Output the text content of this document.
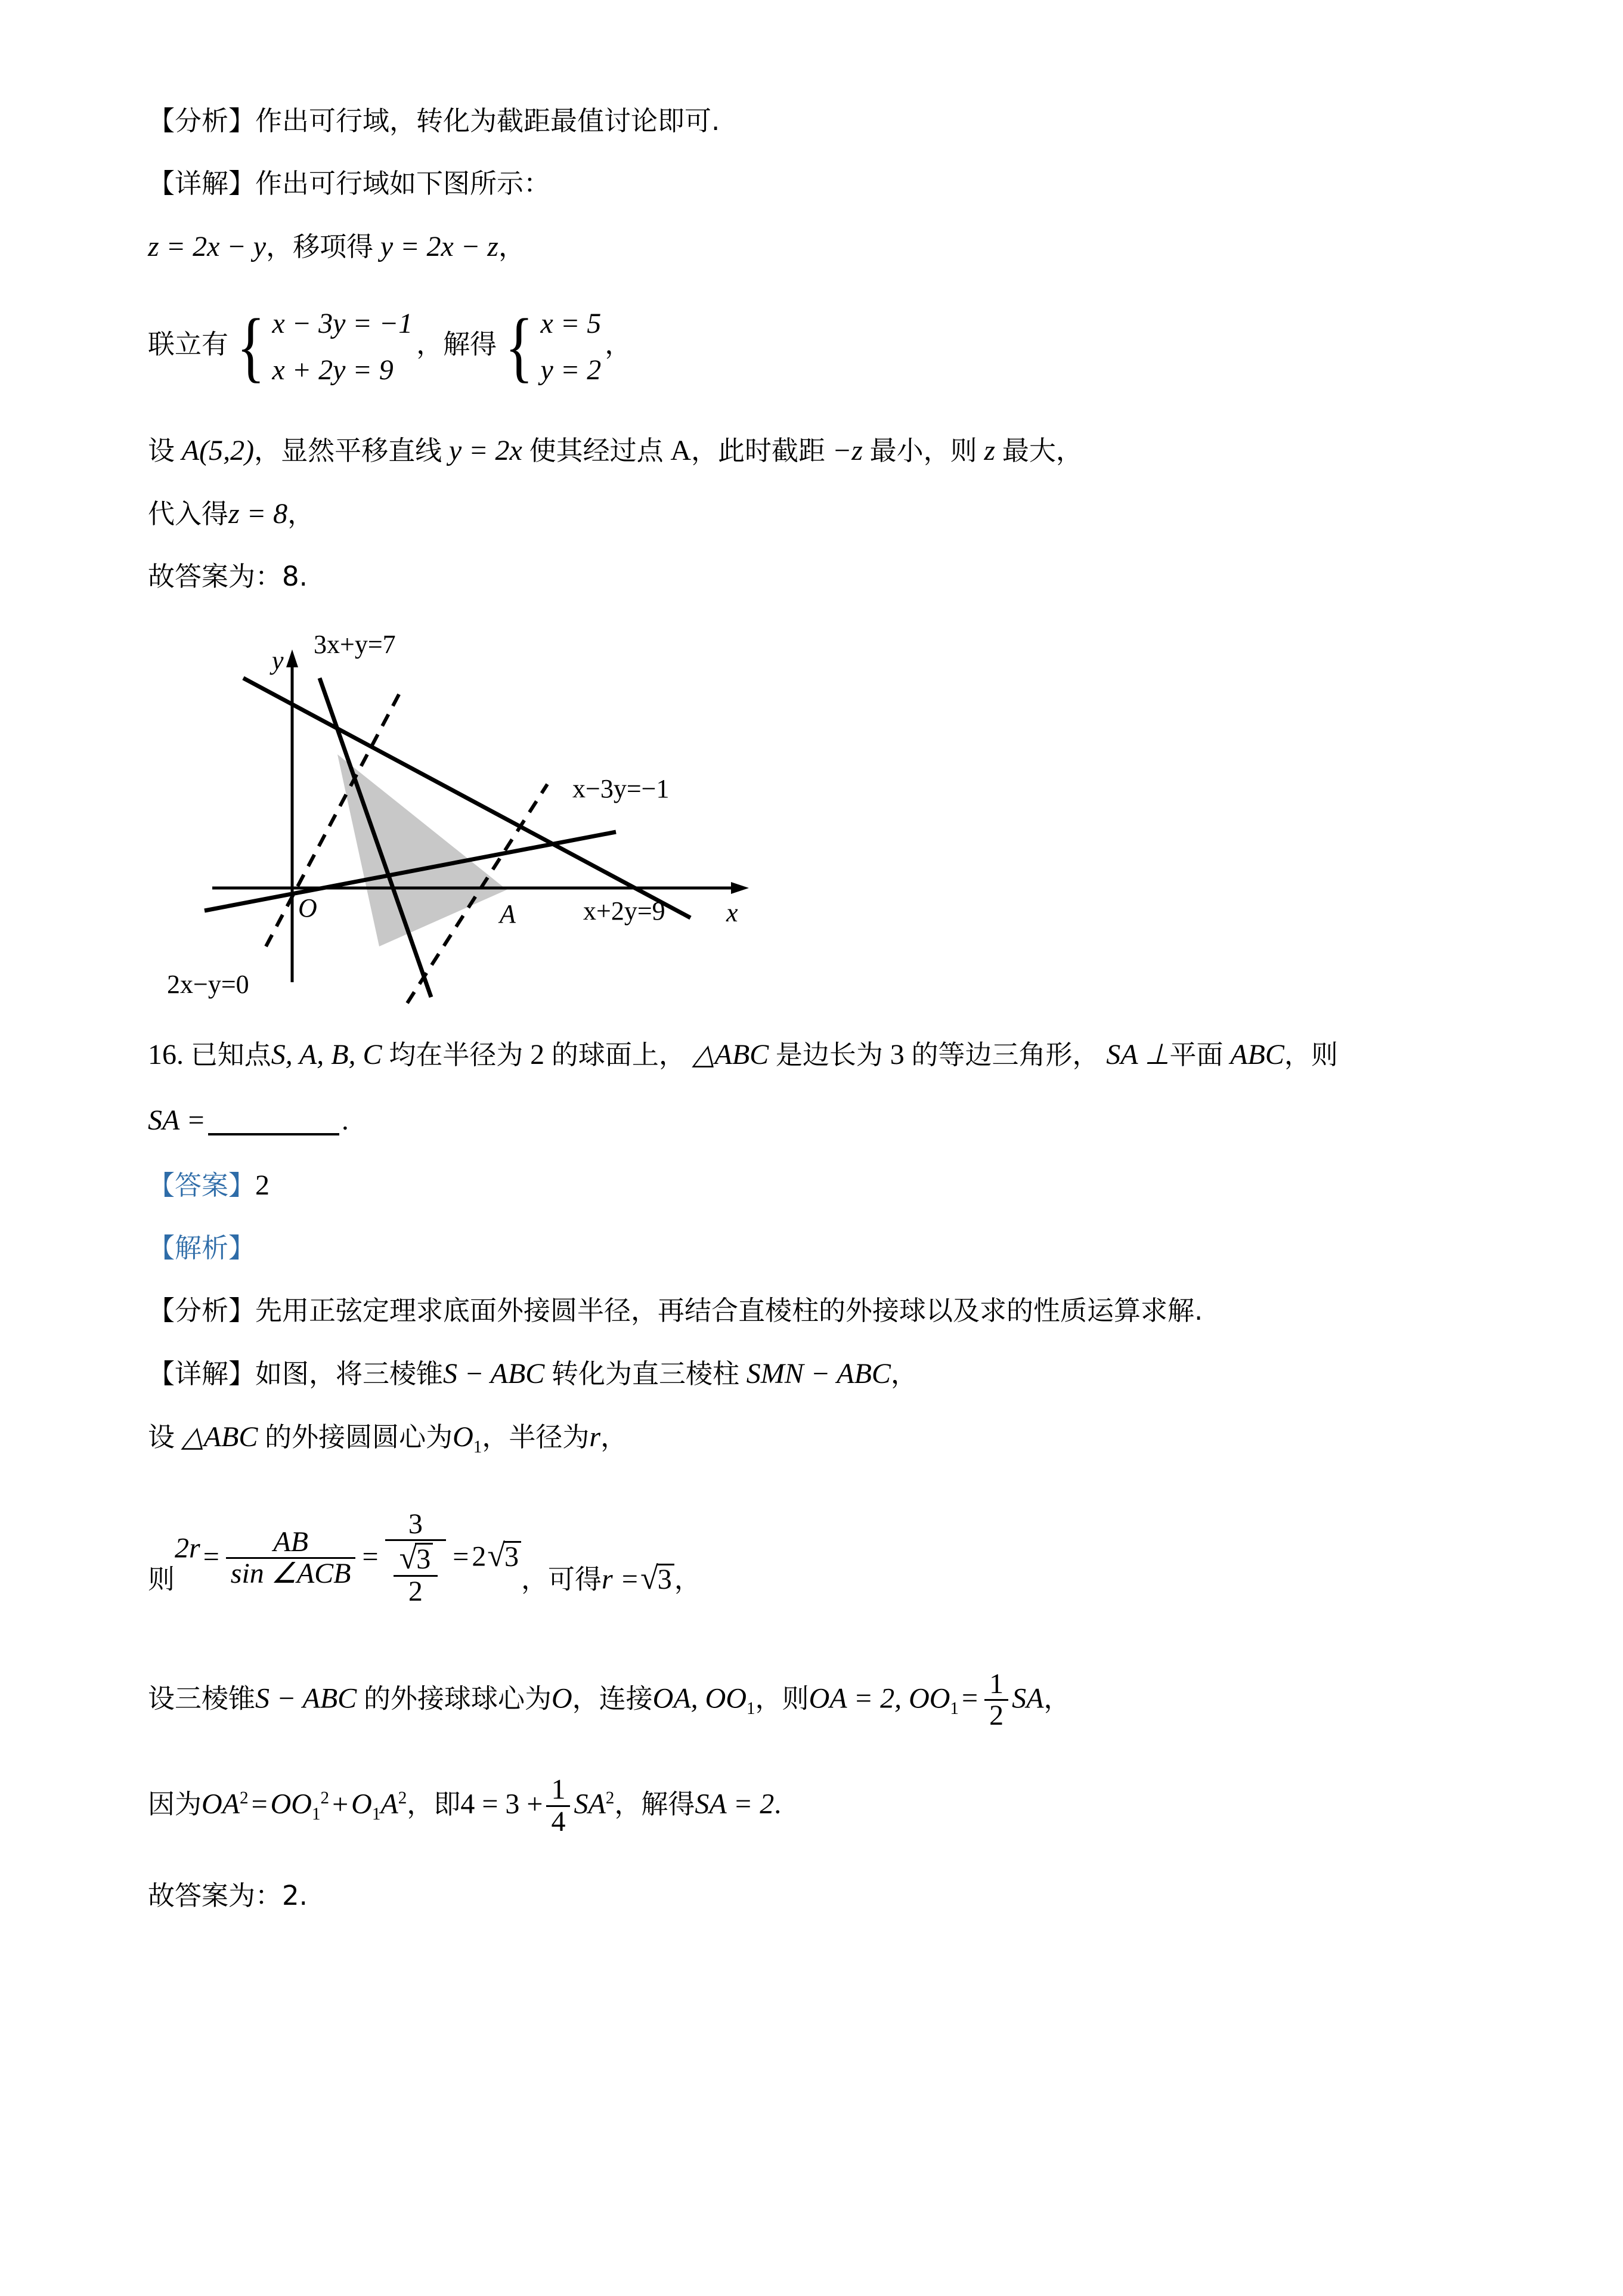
【分析】作出可行域，转化为截距最值讨论即可.
【详解】作出可行域如下图所示：
z = 2x − y，移项得 y = 2x − z，
联立有 { x − 3y = −1
x + 2y = 9
，解得 { x = 5
y = 2
，
设 A(5,2)，显然平移直线 y = 2x 使其经过点 A，此时截距 −z 最小，则 z 最大，
代入得z = 8，
故答案为：8.
y
x
O	A
3x+y=7
x−3y=−1
x+2y=9
2x−y=0
16. 已知点S, A, B, C 均在半径为 2 的球面上， △ABC 是边长为 3 的等边三角形， SA ⊥平面 ABC，则
SA =	.
【答案】2
【解析】
【分析】先用正弦定理求底面外接圆半径，再结合直棱柱的外接球以及求的性质运算求解.
【详解】如图，将三棱锥S − ABC 转化为直三棱柱 SMN − ABC，
设 △ABC 的外接圆圆心为$O_1$，半径为r，
则$2r = \frac{AB}{\text{sin ∠ACB}} = \frac{3}{\frac{√3}{2}} = 2√3$，可得r =√3，
设三棱锥S − ABC 的外接球球心为O，连接OA, $OO_1$，则OA = 2, $OO_1 = \frac{1}{2}$ SA，
因为$OA^2 = OO_1^2 + O_1A^2$，即$4 = 3 + \frac{1}{4} SA^2$，解得SA = 2.
故答案为：2.
